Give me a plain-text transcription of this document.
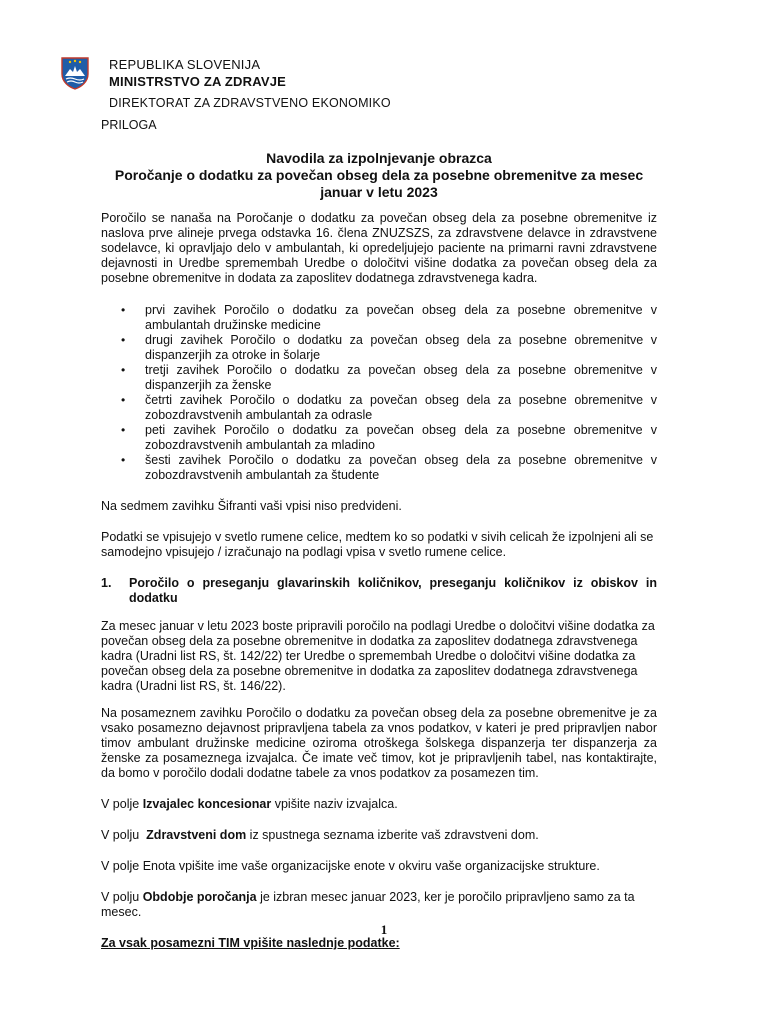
REPUBLIKA SLOVENIJA
MINISTRSTVO ZA ZDRAVJE
DIREKTORAT ZA ZDRAVSTVENO EKONOMIKO
PRILOGA
Navodila za izpolnjevanje obrazca
Poročanje o dodatku za povečan obseg dela za posebne obremenitve za mesec januar v letu 2023

Poročilo se nanaša na Poročanje o dodatku za povečan obseg dela za posebne obremenitve iz naslova prve alineje prvega odstavka 16. člena ZNUZSZS, za zdravstvene delavce in zdravstvene sodelavce, ki opravljajo delo v ambulantah, ki opredeljujejo paciente na primarni ravni zdravstvene dejavnosti in Uredbe spremembah Uredbe o določitvi višine dodatka za povečan obseg dela za posebne obremenitve in dodata za zaposlitev dodatnega zdravstvenega kadra.

• prvi zavihek Poročilo o dodatku za povečan obseg dela za posebne obremenitve v ambulantah družinske medicine
• drugi zavihek Poročilo o dodatku za povečan obseg dela za posebne obremenitve v dispanzerjih za otroke in šolarje
• tretji zavihek Poročilo o dodatku za povečan obseg dela za posebne obremenitve v dispanzerjih za ženske
• četrti zavihek Poročilo o dodatku za povečan obseg dela za posebne obremenitve v zobozdravstvenih ambulantah za odrasle
• peti zavihek Poročilo o dodatku za povečan obseg dela za posebne obremenitve v zobozdravstvenih ambulantah za mladino
• šesti zavihek Poročilo o dodatku za povečan obseg dela za posebne obremenitve v zobozdravstvenih ambulantah za študente

Na sedmem zavihku Šifranti vaši vpisi niso predvideni.

Podatki se vpisujejo v svetlo rumene celice, medtem ko so podatki v sivih celicah že izpolnjeni ali se samodejno vpisujejo / izračunajo na podlagi vpisa v svetlo rumene celice.

1. Poročilo o preseganju glavarinskih količnikov, preseganju količnikov iz obiskov in dodatku

Za mesec januar v letu 2023 boste pripravili poročilo na podlagi Uredbe o določitvi višine dodatka za povečan obseg dela za posebne obremenitve in dodatka za zaposlitev dodatnega zdravstvenega kadra (Uradni list RS, št. 142/22) ter Uredbe o spremembah Uredbe o določitvi višine dodatka za povečan obseg dela za posebne obremenitve in dodatka za zaposlitev dodatnega zdravstvenega kadra (Uradni list RS, št. 146/22).

Na posameznem zavihku Poročilo o dodatku za povečan obseg dela za posebne obremenitve je za vsako posamezno dejavnost pripravljena tabela za vnos podatkov, v kateri je pred pripravljen nabor timov ambulant družinske medicine oziroma otroškega šolskega dispanzerja ter dispanzerja za ženske za posameznega izvajalca. Če imate več timov, kot je pripravljenih tabel, nas kontaktirajte, da bomo v poročilo dodali dodatne tabele za vnos podatkov za posamezen tim.

V polje Izvajalec koncesionar vpišite naziv izvajalca.

V polju  Zdravstveni dom iz spustnega seznama izberite vaš zdravstveni dom.

V polje Enota vpišite ime vaše organizacijske enote v okviru vaše organizacijske strukture.

V polju Obdobje poročanja je izbran mesec januar 2023, ker je poročilo pripravljeno samo za ta mesec.

Za vsak posamezni TIM vpišite naslednje podatke:

1
